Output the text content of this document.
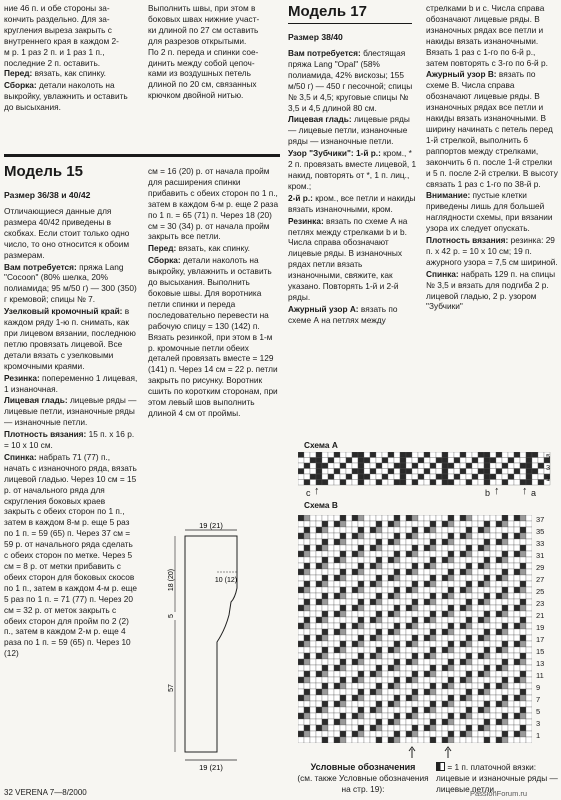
ние 46 п. и обе стороны за-
кончить раздельно. Для за-
кругления выреза закрыть с
внутреннего края в каждом 2-
м р. 1 раз 2 п. и 1 раз 1 п.,
последние 2 п. оставить.

Перед: вязать, как спинку.

Сборка: детали наколоть на выкройку, увлажнить и оставить до высыхания.

Выполнить швы, при этом в
боковых швах нижние участ-
ки длиной по 27 см оставить
для разрезов открытыми.
По 2 п. переда и спинки сое-
динить между собой цепоч-
ками из воздушных петель
длиной по 20 см, связанных
крючком двойной нитью.
Модель 15
Размер 36/38 и 40/42

Отличающиеся данные для размера 40/42 приведены в скобках. Если стоит только одно число, то оно относится к обоим размерам.

Вам потребуется: пряжа Lang "Cocoon" (80% шелка, 20% полиамида; 95 м/50 г) — 300 (350) г кремовой; спицы № 7.

Узелковый кромочный край: в каждом ряду 1-ю п. снимать, как при лицевом вязании, последнюю петлю провязать лицевой. Все детали вязать с узелковыми кромочными краями.

Резинка: попеременно 1 лицевая, 1 изнаночная.

Лицевая гладь: лицевые ряды — лицевые петли, изнаночные ряды — изнаночные петли.

Плотность вязания: 15 п. х 16 р. = 10 х 10 см.

Спинка: набрать 71 (77) п., начать с изнаночного ряда, вязать лицевой гладью. Через 10 см = 15 р. от начального ряда для скругления боковых краев закрыть с обеих сторон по 1 п., затем в каждом 8-м р. еще 5 раз по 1 п. = 59 (65) п. Через 37 см = 59 р. от начального ряда сделать с обеих сторон по метке. Через 5 см = 8 р. от метки прибавить с обеих сторон для боковых скосов по 1 п., затем в каждом 4-м р. еще 5 раз по 1 п. = 71 (77) п. Через 20 см = 32 р. от меток закрыть с обеих сторон для пройм по 2 (2) п., затем в каждом 2-м р. еще 4 раза по 1 п. = 59 (65) п. Через 10 (12)

см = 16 (20) р. от начала пройм для расширения спинки прибавить с обеих сторон по 1 п., затем в каждом 6-м р. еще 2 раза по 1 п. = 65 (71) п. Через 18 (20) см = 30 (34) р. от начала пройм закрыть все петли.

Перед: вязать, как спинку.

Сборка: детали наколоть на выкройку, увлажнить и оставить до высыхания. Выполнить боковые швы. Для воротника петли спинки и переда последовательно перевести на рабочую спицу = 130 (142) п. Вязать резинкой, при этом в 1-м р. кромочные петли обеих деталей провязать вместе = 129 (141) п. Через 14 см = 22 р. петли закрыть по рисунку. Воротник сшить по коротким сторонам, при этом левый шов выполнить длиной 4 см от проймы.

19 (21)
18 (20)
5
57
10 (12)
19 (21)
Модель 17
Размер 38/40

Вам потребуется: блестящая пряжа Lang "Opal" (58% полиамида, 42% вискозы; 155 м/50 г) — 450 г песочной; спицы № 3,5 и 4,5; круговые спицы № 3,5 и 4,5 длиной 80 см.

Лицевая гладь: лицевые ряды — лицевые петли, изнаночные ряды — изнаночные петли.

Узор "Зубчики": 1-й р.: кром., * 2 п. провязать вместе лицевой, 1 накид, повторять от *, 1 п. лиц., кром.;

2-й р.: кром., все петли и накиды вязать изнаночными, кром.

Резинка: вязать по схеме А на петлях между стрелками b и b. Числа справа обозначают лицевые ряды. В изнаночных рядах петли вязать изнаночными, свяжите, как указано. Повторять 1-й и 2-й ряды.

Ажурный узор А: вязать по схеме А на петлях между

стрелками b и c. Числа справа обозначают лицевые ряды. В изнаночных рядах все петли и накиды вязать изнаночными. Вязать 1 раз с 1-го по 6-й р., затем повторять с 3-го по 6-й р.

Ажурный узор В: вязать по схеме В. Числа справа обозначают лицевые ряды. В изнаночных рядах все петли и накиды вязать изнаночными. В ширину начинать с петель перед 1-й стрелкой, выполнить 6 раппортов между стрелками, закончить 6 п. после 1-й стрелки и 5 п. после 2-й стрелки. В высоту связать 1 раз с 1-го по 38-й р.

Внимание: пустые клетки приведены лишь для большей наглядности схемы, при вязании узора их следует опускать.

Плотность вязания: резинка: 29 п. х 42 р. = 10 х 10 см; 19 п. ажурного узора = 7,5 см шириной.

Спинка: набрать 129 п. на спицы № 3,5 и вязать для подгиба 2 р. лицевой гладью, 2 р. узором "Зубчики"

Схема А
5
3
1
↑
c	↑
b	↑ a
Схема В
37
35
33
31
29
27
25
23
21
19
17
15
13
11
9
7
5
3
1
Условные обозначения
(см. также Условные обозначения на стр. 19):
= 1 п. платочной вязки: лицевые и изнаночные ряды — лицевые петли.
32 VERENA 7—8/2000	PassionForum.ru
